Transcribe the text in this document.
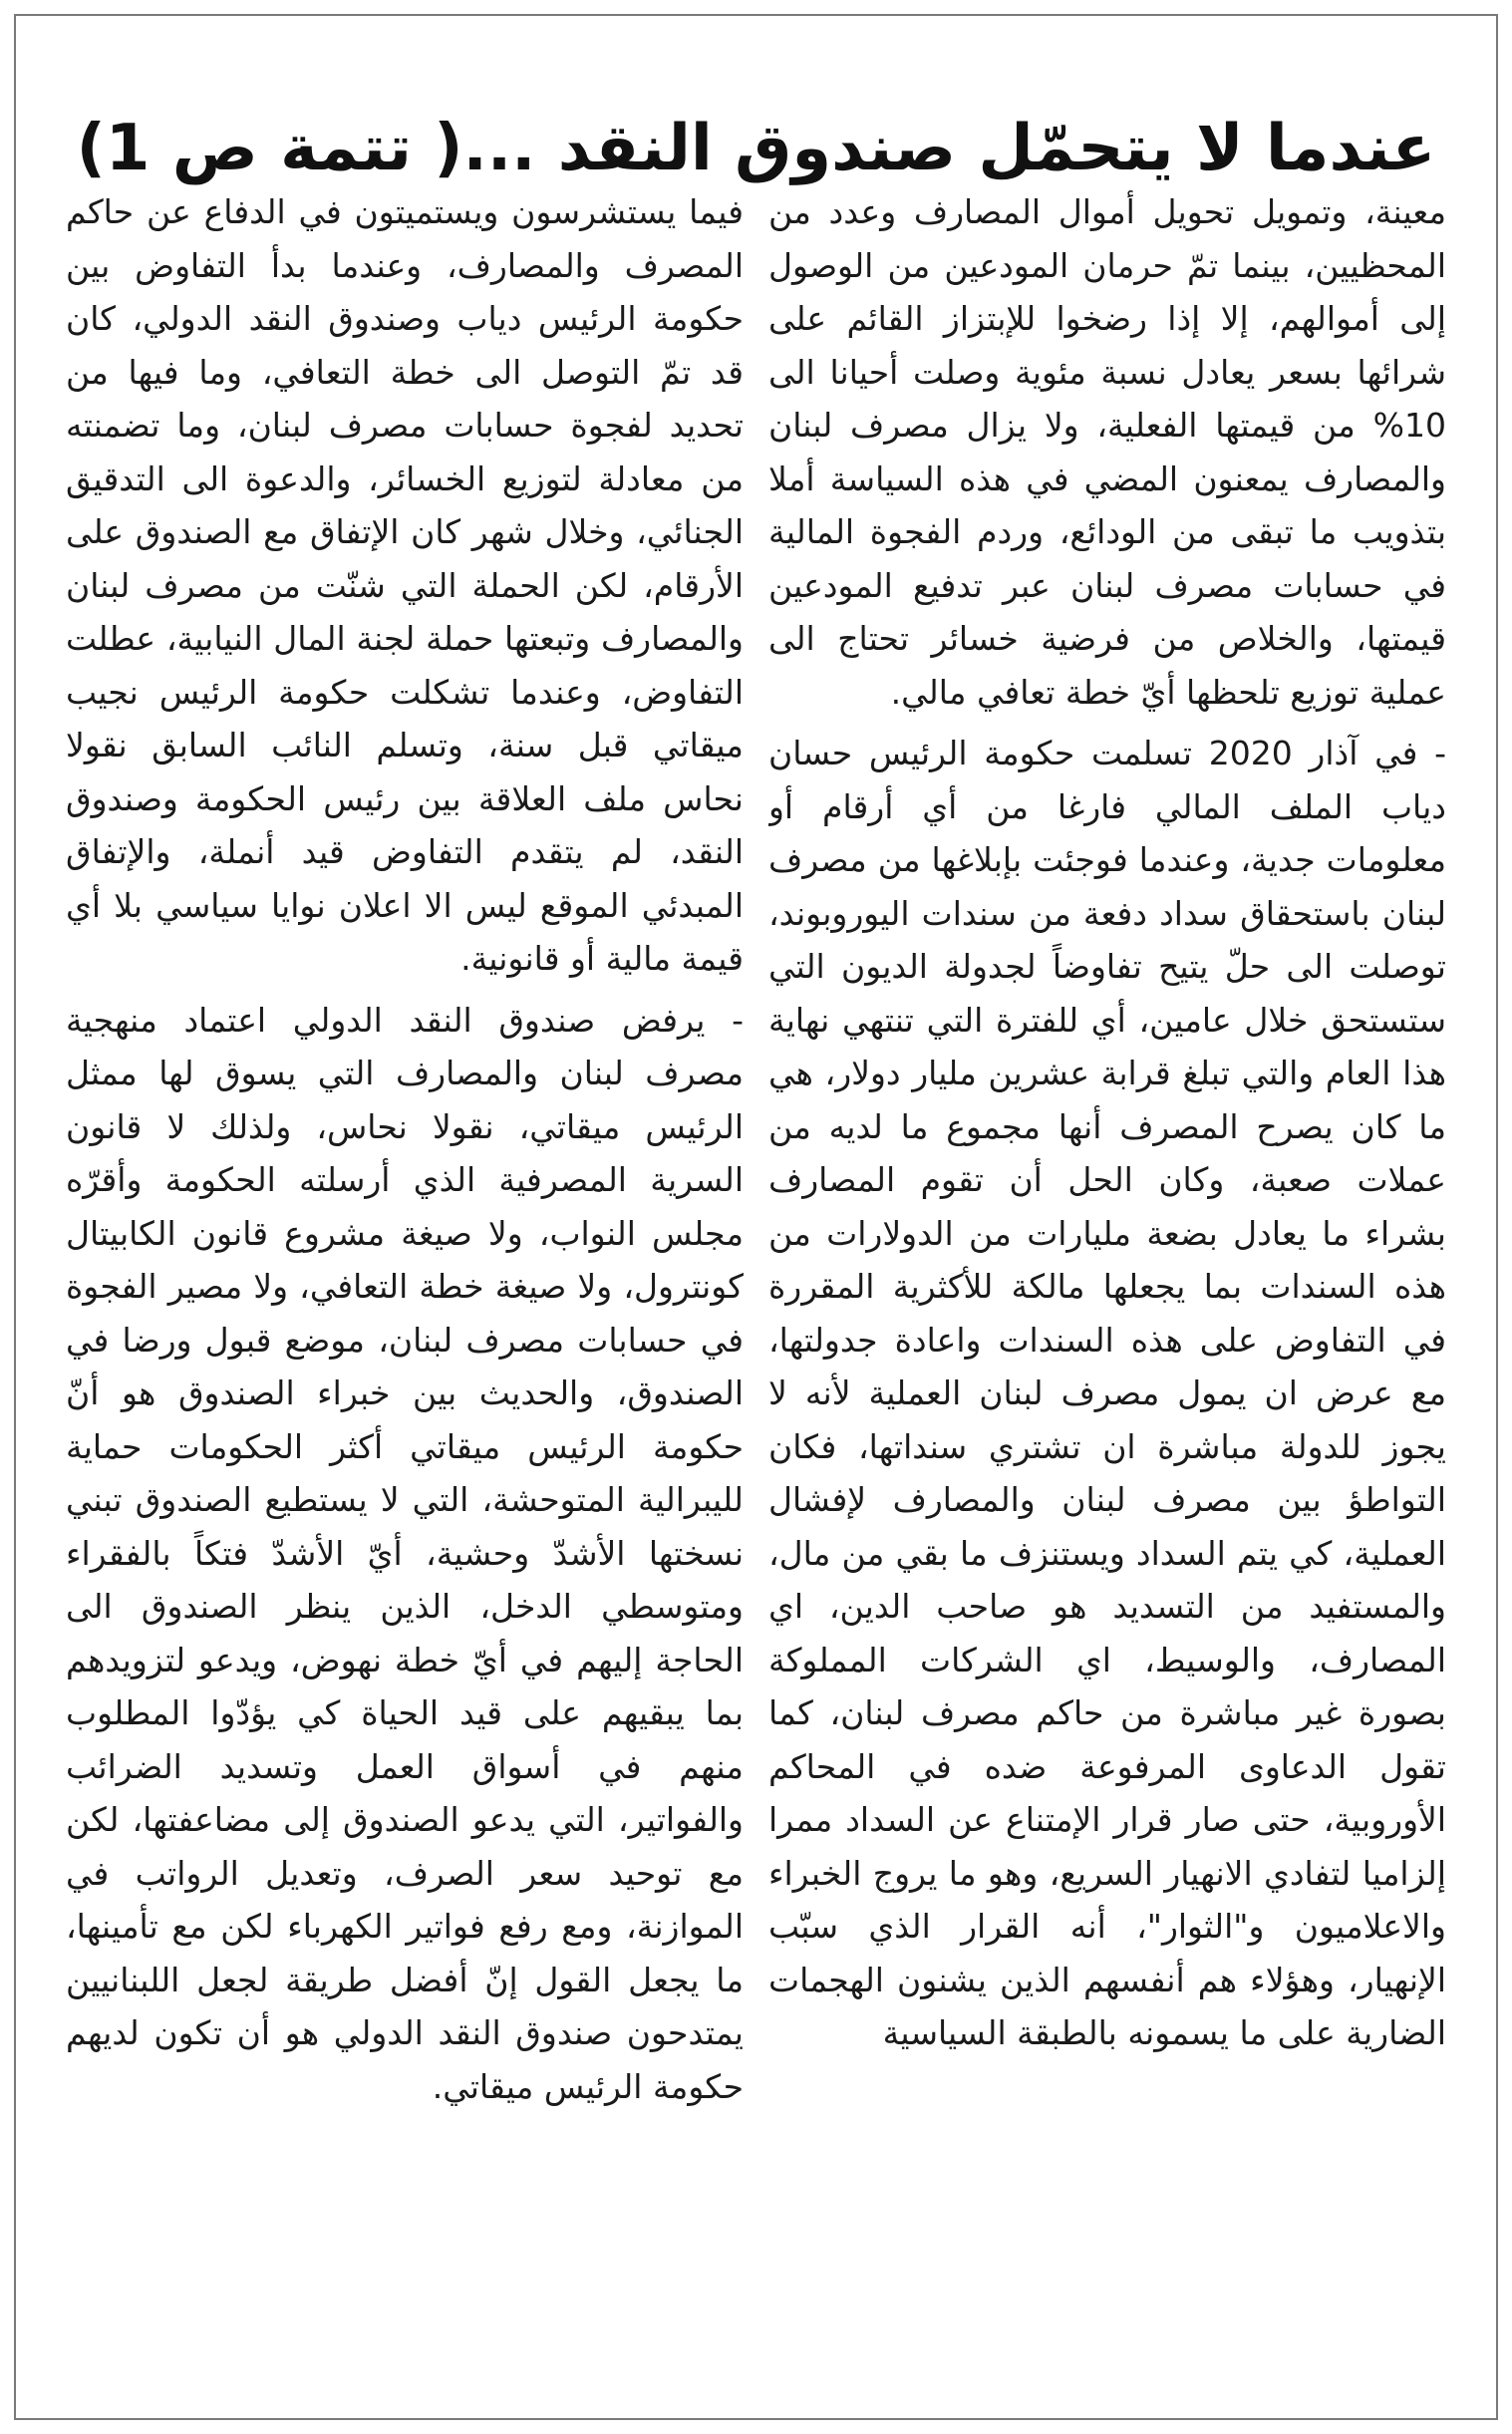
عندما لا يتحمّل صندوق النقد ...( تتمة ص 1)

معينة، وتمويل تحويل أموال المصارف وعدد من المحظيين، بينما تمّ حرمان المودعين من الوصول إلى أموالهم، إلا إذا رضخوا للإبتزاز القائم على شرائها بسعر يعادل نسبة مئوية وصلت أحيانا الى 10% من قيمتها الفعلية، ولا يزال مصرف لبنان والمصارف يمعنون المضي في هذه السياسة أملا بتذويب ما تبقى من الودائع، وردم الفجوة المالية في حسابات مصرف لبنان عبر تدفيع المودعين قيمتها، والخلاص من فرضية خسائر تحتاج الى عملية توزيع تلحظها أيّ خطة تعافي مالي.

- في آذار 2020 تسلمت حكومة الرئيس حسان دياب الملف المالي فارغا من أي أرقام أو معلومات جدية، وعندما فوجئت بإبلاغها من مصرف لبنان باستحقاق سداد دفعة من سندات اليوروبوند، توصلت الى حلّ يتيح تفاوضاً لجدولة الديون التي ستستحق خلال عامين، أي للفترة التي تنتهي نهاية هذا العام والتي تبلغ قرابة عشرين مليار دولار، هي ما كان يصرح المصرف أنها مجموع ما لديه من عملات صعبة، وكان الحل أن تقوم المصارف بشراء ما يعادل بضعة مليارات من الدولارات من هذه السندات بما يجعلها مالكة للأكثرية المقررة في التفاوض على هذه السندات واعادة جدولتها، مع عرض ان يمول مصرف لبنان العملية لأنه لا يجوز للدولة مباشرة ان تشتري سنداتها، فكان التواطؤ بين مصرف لبنان والمصارف لإفشال العملية، كي يتم السداد ويستنزف ما بقي من مال، والمستفيد من التسديد هو صاحب الدين، اي المصارف، والوسيط، اي الشركات المملوكة بصورة غير مباشرة من حاكم مصرف لبنان، كما تقول الدعاوى المرفوعة ضده في المحاكم الأوروبية، حتى صار قرار الإمتناع عن السداد ممرا إلزاميا لتفادي الانهيار السريع، وهو ما يروج الخبراء والاعلاميون و"الثوار"، أنه القرار الذي سبّب الإنهيار، وهؤلاء هم أنفسهم الذين يشنون الهجمات الضارية على ما يسمونه بالطبقة السياسية

فيما يستشرسون ويستميتون في الدفاع عن حاكم المصرف والمصارف، وعندما بدأ التفاوض بين حكومة الرئيس دياب وصندوق النقد الدولي، كان قد تمّ التوصل الى خطة التعافي، وما فيها من تحديد لفجوة حسابات مصرف لبنان، وما تضمنته من معادلة لتوزيع الخسائر، والدعوة الى التدقيق الجنائي، وخلال شهر كان الإتفاق مع الصندوق على الأرقام، لكن الحملة التي شنّت من مصرف لبنان والمصارف وتبعتها حملة لجنة المال النيابية، عطلت التفاوض، وعندما تشكلت حكومة الرئيس نجيب ميقاتي قبل سنة، وتسلم النائب السابق نقولا نحاس ملف العلاقة بين رئيس الحكومة وصندوق النقد، لم يتقدم التفاوض قيد أنملة، والإتفاق المبدئي الموقع ليس الا اعلان نوايا سياسي بلا أي قيمة مالية أو قانونية.

- يرفض صندوق النقد الدولي اعتماد منهجية مصرف لبنان والمصارف التي يسوق لها ممثل الرئيس ميقاتي، نقولا نحاس، ولذلك لا قانون السرية المصرفية الذي أرسلته الحكومة وأقرّه مجلس النواب، ولا صيغة مشروع قانون الكابيتال كونترول، ولا صيغة خطة التعافي، ولا مصير الفجوة في حسابات مصرف لبنان، موضع قبول ورضا في الصندوق، والحديث بين خبراء الصندوق هو أنّ حكومة الرئيس ميقاتي أكثر الحكومات حماية لليبرالية المتوحشة، التي لا يستطيع الصندوق تبني نسختها الأشدّ وحشية، أيّ الأشدّ فتكاً بالفقراء ومتوسطي الدخل، الذين ينظر الصندوق الى الحاجة إليهم في أيّ خطة نهوض، ويدعو لتزويدهم بما يبقيهم على قيد الحياة كي يؤدّوا المطلوب منهم في أسواق العمل وتسديد الضرائب والفواتير، التي يدعو الصندوق إلى مضاعفتها، لكن مع توحيد سعر الصرف، وتعديل الرواتب في الموازنة، ومع رفع فواتير الكهرباء لكن مع تأمينها، ما يجعل القول إنّ أفضل طريقة لجعل اللبنانيين يمتدحون صندوق النقد الدولي هو أن تكون لديهم حكومة الرئيس ميقاتي.
